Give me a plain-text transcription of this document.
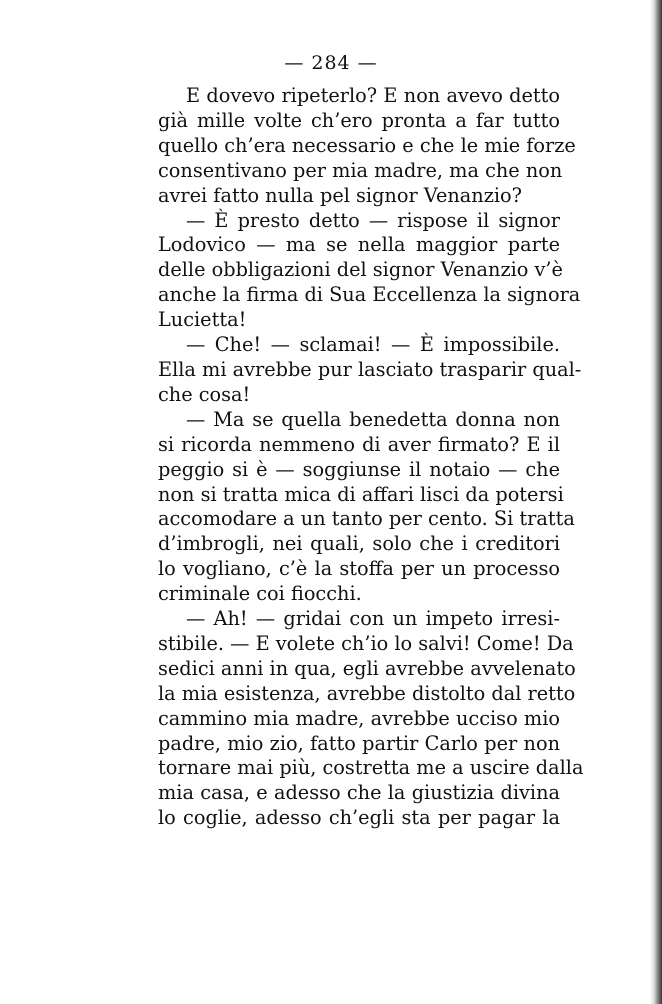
— 284 —
E dovevo ripeterlo? E non avevo detto
già mille volte ch’ero pronta a far tutto
quello ch’era necessario e che le mie forze
consentivano per mia madre, ma che non
avrei fatto nulla pel signor Venanzio?
— È presto detto — rispose il signor
Lodovico — ma se nella maggior parte
delle obbligazioni del signor Venanzio v’è
anche la firma di Sua Eccellenza la signora
Lucietta!
— Che! — sclamai! — È impossibile.
Ella mi avrebbe pur lasciato trasparir qual-
che cosa!
— Ma se quella benedetta donna non
si ricorda nemmeno di aver firmato? E il
peggio si è — soggiunse il notaio — che
non si tratta mica di affari lisci da potersi
accomodare a un tanto per cento. Si tratta
d’imbrogli, nei quali, solo che i creditori
lo vogliano, c’è la stoffa per un processo
criminale coi fiocchi.
— Ah! — gridai con un impeto irresi-
stibile. — E volete ch’io lo salvi! Come! Da
sedici anni in qua, egli avrebbe avvelenato
la mia esistenza, avrebbe distolto dal retto
cammino mia madre, avrebbe ucciso mio
padre, mio zio, fatto partir Carlo per non
tornare mai più, costretta me a uscire dalla
mia casa, e adesso che la giustizia divina
lo coglie, adesso ch’egli sta per pagar la
